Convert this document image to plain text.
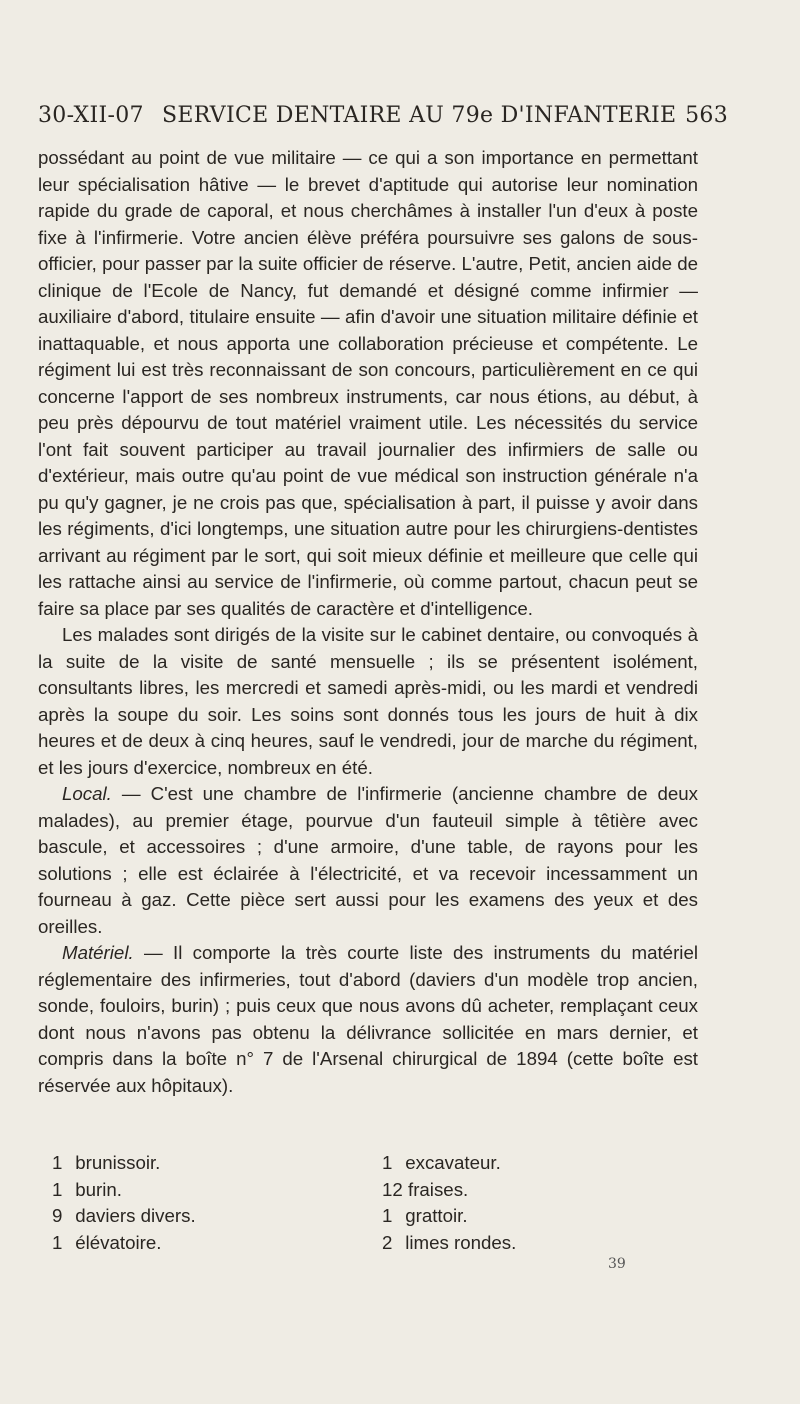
30-XII-07 SERVICE DENTAIRE AU 79e D'INFANTERIE 563

possédant au point de vue militaire — ce qui a son importance en permettant leur spécialisation hâtive — le brevet d'aptitude qui autorise leur nomination rapide du grade de caporal, et nous cherchâmes à installer l'un d'eux à poste fixe à l'infirmerie. Votre ancien élève préféra poursuivre ses galons de sous-officier, pour passer par la suite officier de réserve. L'autre, Petit, ancien aide de clinique de l'Ecole de Nancy, fut demandé et désigné comme infirmier — auxiliaire d'abord, titulaire ensuite — afin d'avoir une situation militaire définie et inattaquable, et nous apporta une collaboration précieuse et compétente. Le régiment lui est très reconnaissant de son concours, particulièrement en ce qui concerne l'apport de ses nombreux instruments, car nous étions, au début, à peu près dépourvu de tout matériel vraiment utile. Les nécessités du service l'ont fait souvent participer au travail journalier des infirmiers de salle ou d'extérieur, mais outre qu'au point de vue médical son instruction générale n'a pu qu'y gagner, je ne crois pas que, spécialisation à part, il puisse y avoir dans les régiments, d'ici longtemps, une situation autre pour les chirurgiens-dentistes arrivant au régiment par le sort, qui soit mieux définie et meilleure que celle qui les rattache ainsi au service de l'infirmerie, où comme partout, chacun peut se faire sa place par ses qualités de caractère et d'intelligence.

Les malades sont dirigés de la visite sur le cabinet dentaire, ou convoqués à la suite de la visite de santé mensuelle ; ils se présentent isolément, consultants libres, les mercredi et samedi après-midi, ou les mardi et vendredi après la soupe du soir. Les soins sont donnés tous les jours de huit à dix heures et de deux à cinq heures, sauf le vendredi, jour de marche du régiment, et les jours d'exercice, nombreux en été.

Local. — C'est une chambre de l'infirmerie (ancienne chambre de deux malades), au premier étage, pourvue d'un fauteuil simple à têtière avec bascule, et accessoires ; d'une armoire, d'une table, de rayons pour les solutions ; elle est éclairée à l'électricité, et va recevoir incessamment un fourneau à gaz. Cette pièce sert aussi pour les examens des yeux et des oreilles.

Matériel. — Il comporte la très courte liste des instruments du matériel réglementaire des infirmeries, tout d'abord (daviers d'un modèle trop ancien, sonde, fouloirs, burin) ; puis ceux que nous avons dû acheter, remplaçant ceux dont nous n'avons pas obtenu la délivrance sollicitée en mars dernier, et compris dans la boîte n° 7 de l'Arsenal chirurgical de 1894 (cette boîte est réservée aux hôpitaux).

1 brunissoir.	1 excavateur.
1 burin.	12 fraises.
9 daviers divers.	1 grattoir.
1 élévatoire.	2 limes rondes.
39
